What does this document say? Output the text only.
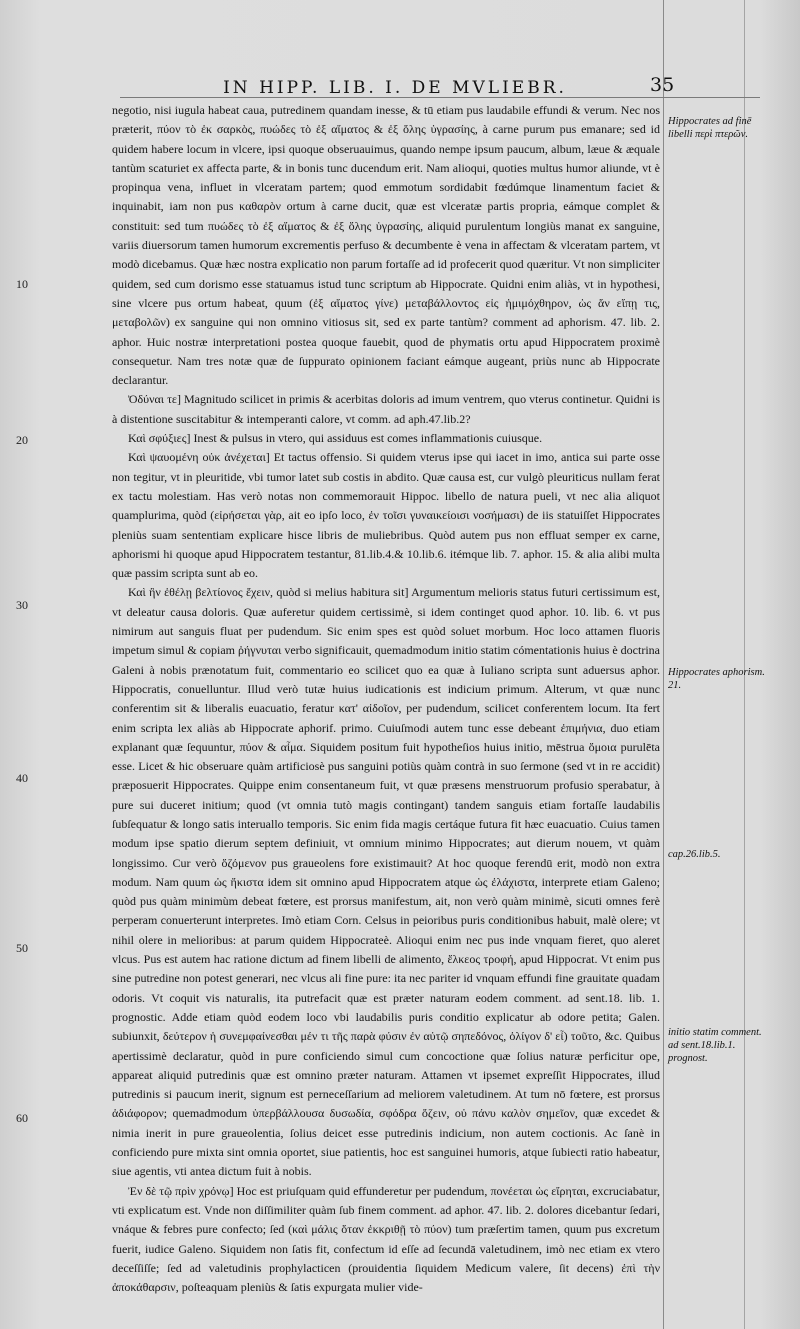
IN HIPP. LIB. I. DE MVLIEBR.	35
10
20
30
40
50
60
Hippocrates ad finē libelli περὶ πτερῶν.
Hippocrates aphorism. 21.
cap.26.lib.5.
initio statim comment. ad sent.18.lib.1. prognost.

negotio, nisi iugula habeat caua, putredinem quandam inesse, & tū etiam pus laudabile effundi & verum. Nec nos præterit, πύον τὸ ἐκ σαρκὸς, πυώδες τὸ ἐξ αἵματος & ἐξ ὅλης ὑγρασίης, à carne purum pus emanare; sed id quidem habere locum in vlcere, ipsi quoque obseruauimus, quando nempe ipsum paucum, album, læue & æquale tantùm scaturiet ex affecta parte, & in bonis tunc ducendum erit. Nam alioqui, quoties multus humor aliunde, vt è propinqua vena, influet in vlceratam partem; quod emmotum sordidabit fœdúmque linamentum faciet & inquinabit, iam non pus καθαρὸν ortum à carne ducit, quæ est vlceratæ partis propria, eámque complet & constituit: sed tum πυώδες τὸ ἐξ αἵματος & ἐξ ὅλης ὑγρασίης, aliquid purulentum longiùs manat ex sanguine, variis diuersorum tamen humorum excrementis perfuso & decumbente è vena in affectam & vlceratam partem, vt modò dicebamus. Quæ hæc nostra explicatio non parum fortaſſe ad id profecerit quod quæritur. Vt non simpliciter quidem, sed cum dorismo esse statuamus istud tunc scriptum ab Hippocrate. Quidni enim aliàs, vt in hypothesi, sine vlcere pus ortum habeat, quum (ἐξ αἵματος γίνε) μεταβάλλοντος εἰς ἡμιμόχθηρον, ὡς ἄν εἴπῃ τις, μεταβολῶν) ex sanguine qui non omnino vitiosus sit, sed ex parte tantùm? comment ad aphorism. 47. lib. 2. aphor. Huic nostræ interpretationi postea quoque fauebit, quod de phymatis ortu apud Hippocratem proximè consequetur. Nam tres notæ quæ de ſuppurato opinionem faciant eámque augeant, priùs nunc ab Hippocrate declarantur.

Ὀδύναι τε] Magnitudo scilicet in primis & acerbitas doloris ad imum ventrem, quo vterus continetur. Quidni is à distentione suscitabitur & intemperanti calore, vt comm. ad aph.47.lib.2?

Καὶ σφύξιες] Inest & pulsus in vtero, qui assiduus est comes inflammationis cuiusque.

Καὶ ψαυομένη οὐκ ἀνέχεται] Et tactus offensio. Si quidem vterus ipse qui iacet in imo, antica sui parte osse non tegitur, vt in pleuritide, vbi tumor latet sub costis in abdito. Quæ causa est, cur vulgò pleuriticus nullam ferat ex tactu molestiam. Has verò notas non commemorauit Hippoc. libello de natura pueli, vt nec alia aliquot quamplurima, quòd (εἰρήσεται γὰρ, ait eo ipſo loco, ἐν τοῖσι γυναικείοισι νοσήμασι) de iis statuiſſet Hippocrates pleniùs suam sententiam explicare hisce libris de muliebribus. Quòd autem pus non effluat semper ex carne, aphorismi hi quoque apud Hippocratem testantur, 81.lib.4.& 10.lib.6. itémque lib. 7. aphor. 15. & alia alibi multa quæ passim scripta sunt ab eo.

Καὶ ἢν ἐθέλῃ βελτίονος ἔχειν, quòd si melius habitura sit] Argumentum melioris status futuri certissimum est, vt deleatur causa doloris. Quæ auferetur quidem certissimè, si idem continget quod aphor. 10. lib. 6. vt pus nimirum aut sanguis fluat per pudendum. Sic enim spes est quòd soluet morbum. Hoc loco attamen fluoris impetum simul & copiam ῥήγνυται verbo significauit, quemadmodum initio statim cómentationis huius è doctrina Galeni à nobis prænotatum fuit, commentario eo scilicet quo ea quæ à Iuliano scripta sunt aduersus aphor. Hippocratis, conuelluntur. Illud verò tutæ huius iudicationis est indicium primum. Alterum, vt quæ nunc conferentim sit & liberalis euacuatio, feratur κατ' αἰδοῖον, per pudendum, scilicet conferentem locum. Ita fert enim scripta lex aliàs ab Hippocrate aphorif. primo. Cuiuſmodi autem tunc esse debeant ἐπιμήνια, duo etiam explanant quæ ſequuntur, πύον & αἷμα. Siquidem positum fuit hypotheſios huius initio, mēstrua ὅμοια purulēta esse. Licet & hic obseruare quàm artificiosè pus sanguini potiùs quàm contrà in suo ſermone (sed vt in re accidit) præposuerit Hippocrates. Quippe enim consentaneum fuit, vt quæ præsens menstruorum profusio sperabatur, à pure sui duceret initium; quod (vt omnia tutò magis contingant) tandem sanguis etiam fortaſſe laudabilis ſubſequatur & longo satis interuallo temporis. Sic enim fida magis certáque futura fit hæc euacuatio. Cuius tamen modum ipse spatio dierum septem definiuit, vt omnium minimo Hippocrates; aut dierum nouem, vt quàm longissimo. Cur verò ὄζόμενον pus graueolens fore existimauit? At hoc quoque ferendū erit, modò non extra modum. Nam quum ὡς ἥκιστα idem sit omnino apud Hippocratem atque ὡς ἐλάχιστα, interprete etiam Galeno; quòd pus quàm minimùm debeat fœtere, est prorsus manifestum, ait, non verò quàm minimè, sicuti omnes ferè perperam conuerterunt interpretes. Imò etiam Corn. Celsus in peioribus puris conditionibus habuit, malè olere; vt nihil olere in melioribus: at parum quidem Hippocrateè. Alioqui enim nec pus inde vnquam fieret, quo aleret vlcus. Pus est autem hac ratione dictum ad finem libelli de alimento, ἕλκεος τροφή, apud Hippocrat. Vt enim pus sine putredine non potest generari, nec vlcus ali fine pure: ita nec pariter id vnquam effundi fine grauitate quadam odoris. Vt coquit vis naturalis, ita putrefacit quæ est præter naturam eodem comment. ad sent.18. lib. 1. prognostic. Adde etiam quòd eodem loco vbi laudabilis puris conditio explicatur ab odore petita; Galen. subiunxit, δεύτερον ἡ συνεμφαίνεσθαι μέν τι τῆς παρὰ φύσιν ἐν αὐτῷ σηπεδόνος, ὀλίγον δ' εἶ) τοῦτο, &c. Quibus apertissimè declaratur, quòd in pure conficiendo simul cum concoctione quæ ſolius naturæ perficitur ope, appareat aliquid putredinis quæ est omnino præter naturam. Attamen vt ipsemet expreſſit Hippocrates, illud putredinis si paucum inerit, signum est perneceſſarium ad meliorem valetudinem. At tum nō fœtere, est prorsus ἀδιάφορον; quemadmodum ὑπερβάλλουσα δυσωδία, σφόδρα ὄζειν, οὐ πάνυ καλὸν σημεῖον, quæ excedet & nimia inerit in pure graueolentia, ſolius deicet esse putredinis indicium, non autem coctionis. Ac ſanè in conficiendo pure mixta sint omnia oportet, siue patientis, hoc est sanguinei humoris, atque ſubiecti ratio habeatur, siue agentis, vti antea dictum fuit à nobis.

Ἐν δὲ τῷ πρὶν χρόνῳ] Hoc est priuſquam quid effunderetur per pudendum, πονέεται ὡς εἴρηται, excruciabatur, vti explicatum est. Vnde non diſſimiliter quàm ſub finem comment. ad aphor. 47. lib. 2. dolores dicebantur ſedari, vnáque & febres pure confecto; ſed (καὶ μάλις ὅταν ἐκκριθῇ τὸ πύον) tum præſertim tamen, quum pus excretum fuerit, iudice Galeno. Siquidem non ſatis fit, confectum id eſſe ad ſecundā valetudinem, imò nec etiam ex vtero deceſſiſſe; ſed ad valetudinis prophylacticen (prouidentia ſiquidem Medicum valere, ſit decens) ἐπὶ τὴν ἀποκάθαρσιν, poſteaquam pleniùs & ſatis expurgata mulier vide-
